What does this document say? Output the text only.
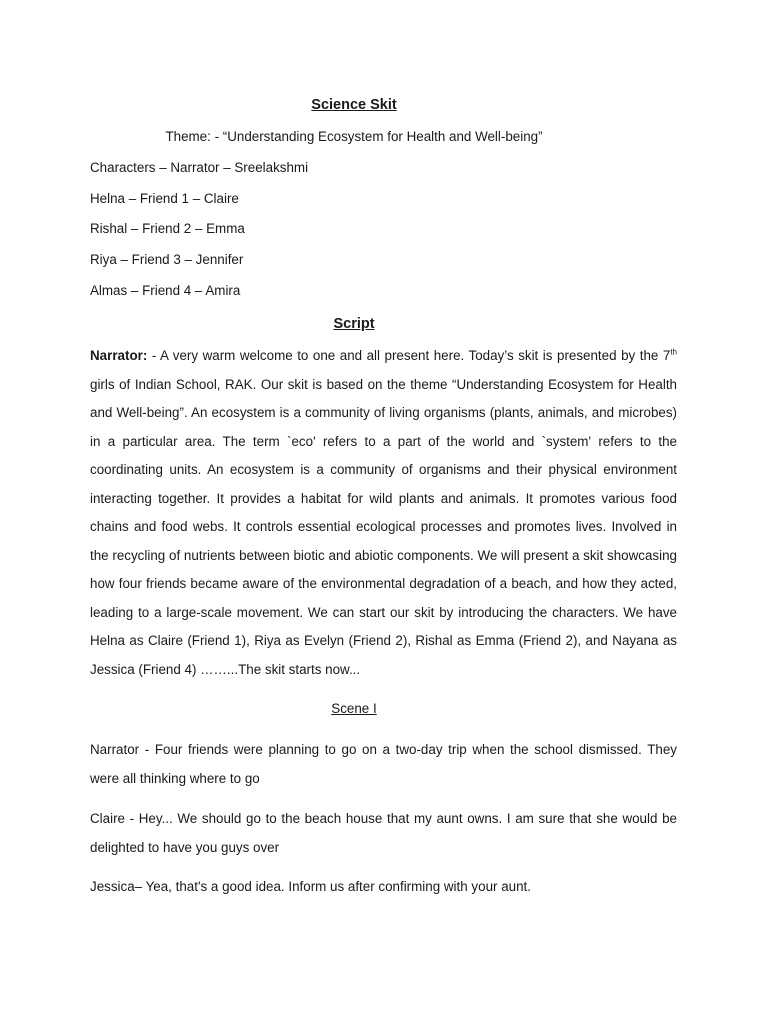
Science Skit
Theme: - “Understanding Ecosystem for Health and Well-being”
Characters – Narrator – Sreelakshmi
Helna – Friend 1 – Claire
Rishal – Friend 2 – Emma
Riya – Friend 3 – Jennifer
Almas – Friend 4 – Amira
Script
Narrator: - A very warm welcome to one and all present here. Today’s skit is presented by the 7th girls of Indian School, RAK. Our skit is based on the theme “Understanding Ecosystem for Health and Well-being”. An ecosystem is a community of living organisms (plants, animals, and microbes) in a particular area. The term `eco' refers to a part of the world and `system' refers to the coordinating units. An ecosystem is a community of organisms and their physical environment interacting together. It provides a habitat for wild plants and animals. It promotes various food chains and food webs. It controls essential ecological processes and promotes lives. Involved in the recycling of nutrients between biotic and abiotic components. We will present a skit showcasing how four friends became aware of the environmental degradation of a beach, and how they acted, leading to a large-scale movement. We can start our skit by introducing the characters. We have Helna as Claire (Friend 1), Riya as Evelyn (Friend 2), Rishal as Emma (Friend 2), and Nayana as Jessica (Friend 4) ……...The skit starts now...
Scene I
Narrator - Four friends were planning to go on a two-day trip when the school dismissed. They were all thinking where to go
Claire - Hey... We should go to the beach house that my aunt owns. I am sure that she would be delighted to have you guys over
Jessica– Yea, that's a good idea. Inform us after confirming with your aunt.
